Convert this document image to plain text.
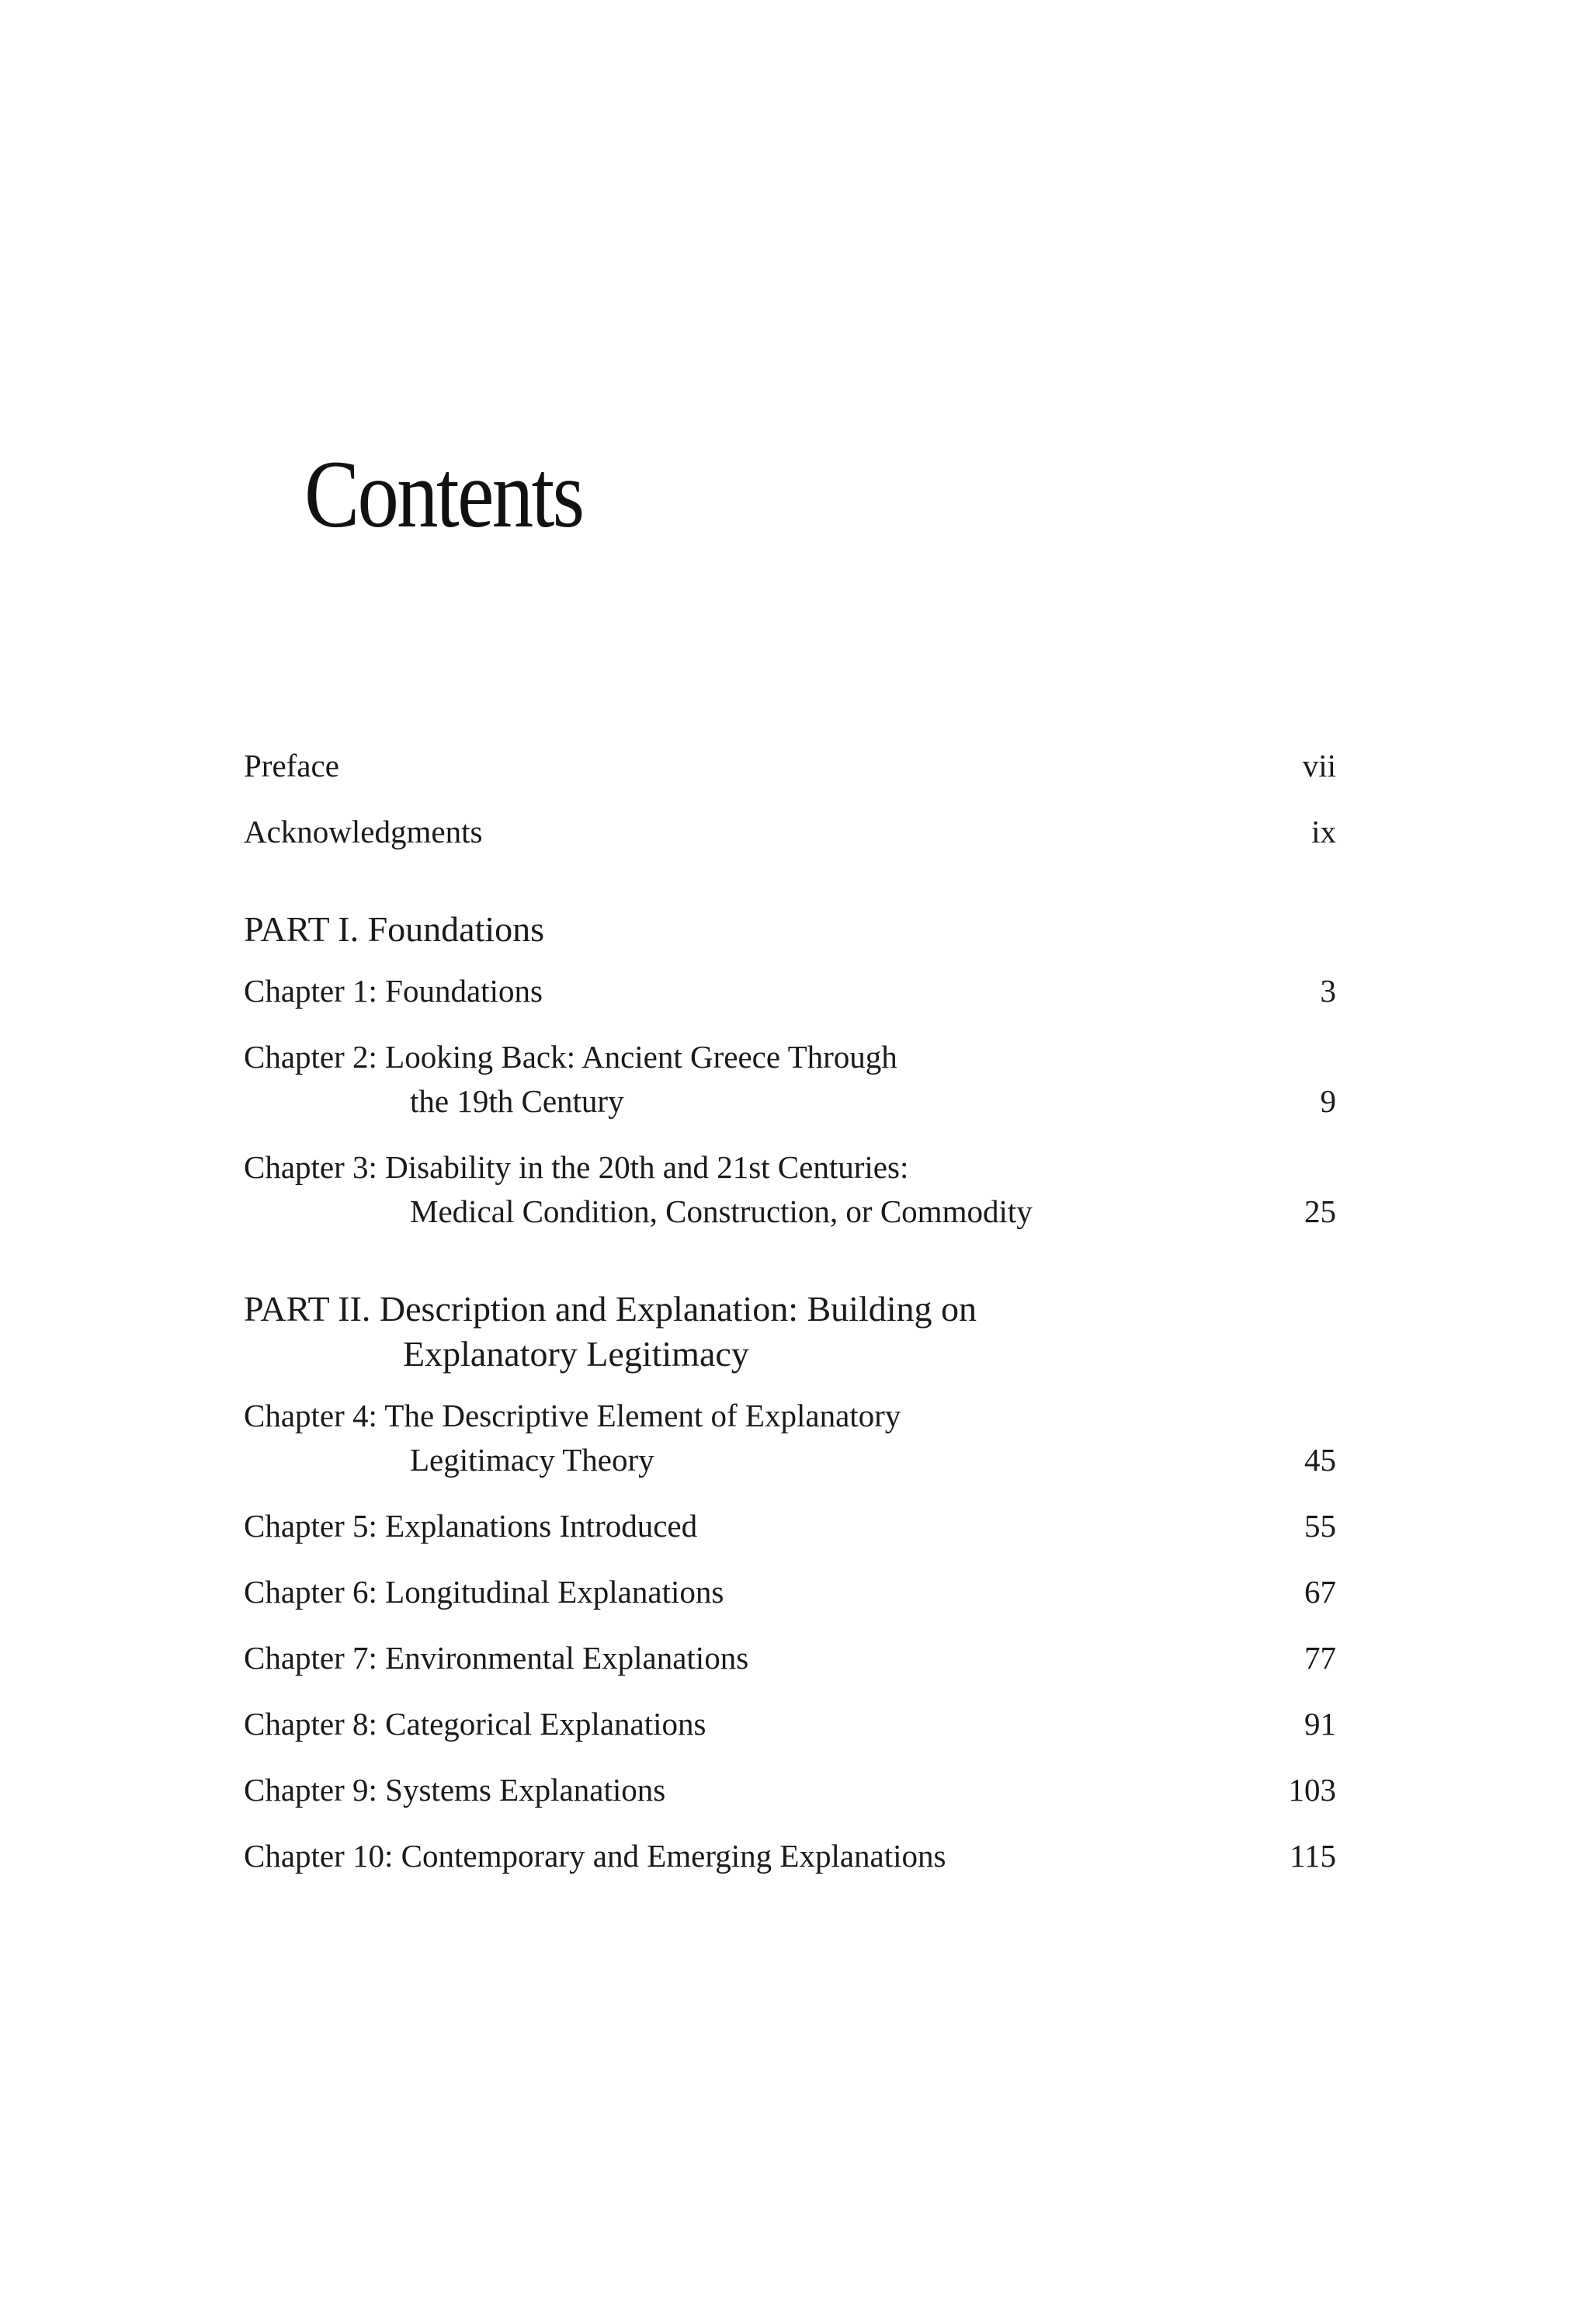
Contents
Preface	vii
Acknowledgments	ix
PART I. Foundations
Chapter 1: Foundations	3
Chapter 2: Looking Back: Ancient Greece Through
the 19th Century	9
Chapter 3: Disability in the 20th and 21st Centuries:
Medical Condition, Construction, or Commodity	25
PART II. Description and Explanation: Building on
Explanatory Legitimacy
Chapter 4: The Descriptive Element of Explanatory
Legitimacy Theory	45
Chapter 5: Explanations Introduced	55
Chapter 6: Longitudinal Explanations	67
Chapter 7: Environmental Explanations	77
Chapter 8: Categorical Explanations	91
Chapter 9: Systems Explanations	103
Chapter 10: Contemporary and Emerging Explanations	115
